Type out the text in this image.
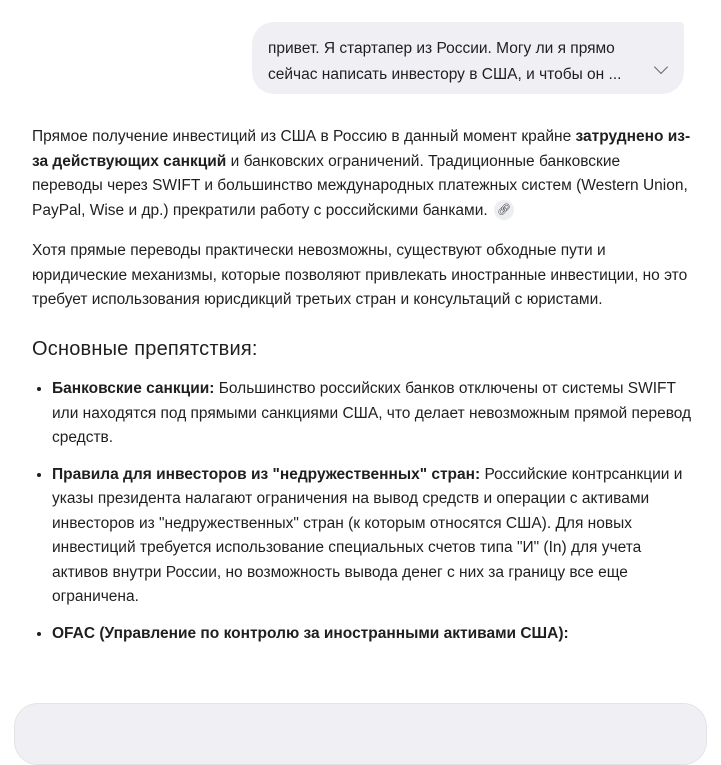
привет. Я стартапер из России. Могу ли я прямо
сейчас написать инвестору в США, и чтобы он ...

Прямое получение инвестиций из США в Россию в данный момент крайне затруднено из-за действующих санкций и банковских ограничений. Традиционные банковские переводы через SWIFT и большинство международных платежных систем (Western Union, PayPal, Wise и др.) прекратили работу с российскими банками. 🔗︎

Хотя прямые переводы практически невозможны, существуют обходные пути и юридические механизмы, которые позволяют привлекать иностранные инвестиции, но это требует использования юрисдикций третьих стран и консультаций с юристами.

Основные препятствия:
• Банковские санкции: Большинство российских банков отключены от системы SWIFT или находятся под прямыми санкциями США, что делает невозможным прямой перевод средств.
• Правила для инвесторов из "недружественных" стран: Российские контрсанкции и указы президента налагают ограничения на вывод средств и операции с активами инвесторов из "недружественных" стран (к которым относятся США). Для новых инвестиций требуется использование специальных счетов типа "И" (In) для учета активов внутри России, но возможность вывода денег с них за границу все еще ограничена.
• OFAC (Управление по контролю за иностранными активами США):
